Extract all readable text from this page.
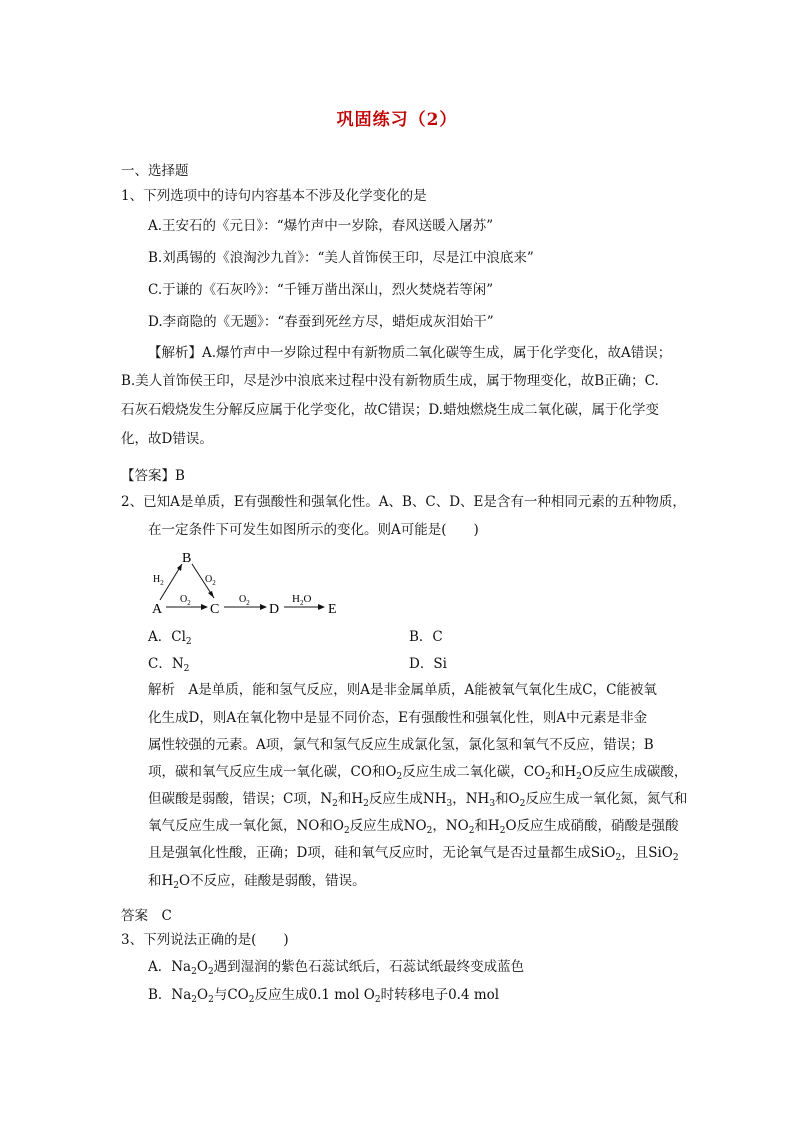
巩固练习（2）
一、选择题
1、下列选项中的诗句内容基本不涉及化学变化的是
A.王安石的《元日》：“爆竹声中一岁除，春风送暖入屠苏”
B.刘禹锡的《浪淘沙九首》：“美人首饰侯王印，尽是江中浪底来”
C.于谦的《石灰吟》：“千锤万凿出深山，烈火焚烧若等闲”
D.李商隐的《无题》：“春蚕到死丝方尽，蜡炬成灰泪始干”
【解析】A.爆竹声中一岁除过程中有新物质二氧化碳等生成，属于化学变化，故A错误；
B.美人首饰侯王印，尽是沙中浪底来过程中没有新物质生成，属于物理变化，故B正确；C.
石灰石煅烧发生分解反应属于化学变化，故C错误；D.蜡烛燃烧生成二氧化碳，属于化学变
化，故D错误。
【答案】B
2、已知A是单质，E有强酸性和强氧化性。A、B、C、D、E是含有一种相同元素的五种物质，
在一定条件下可发生如图所示的变化。则A可能是(　　)
B
A	C	D	E
$H_2$	$O_2$
$O_2$	$O_2$	$H_2O$
A．$Cl_2$	B．C
C．$N_2$	D．Si
解析　A是单质，能和氢气反应，则A是非金属单质，A能被氧气氧化生成C，C能被氧
化生成D，则A在氧化物中是显不同价态，E有强酸性和强氧化性，则A中元素是非金
属性较强的元素。A项，氯气和氢气反应生成氯化氢，氯化氢和氧气不反应，错误；B
项，碳和氧气反应生成一氧化碳，CO和$O_2$反应生成二氧化碳，$CO_2$和$H_2O$反应生成碳酸，
但碳酸是弱酸，错误；C项，$N_2$和$H_2$反应生成$NH_3$，$NH_3$和$O_2$反应生成一氧化氮，氮气和
氧气反应生成一氧化氮，NO和$O_2$反应生成$NO_2$，$NO_2$和$H_2O$反应生成硝酸，硝酸是强酸
且是强氧化性酸，正确；D项，硅和氧气反应时，无论氧气是否过量都生成SiO$_2$，且SiO$_2$
和$H_2O$不反应，硅酸是弱酸，错误。
答案　C
3、下列说法正确的是(　　)
A．$Na_2O_2$遇到湿润的紫色石蕊试纸后，石蕊试纸最终变成蓝色
B．$Na_2O_2$与$CO_2$反应生成0.1 mol $O_2$时转移电子0.4 mol
